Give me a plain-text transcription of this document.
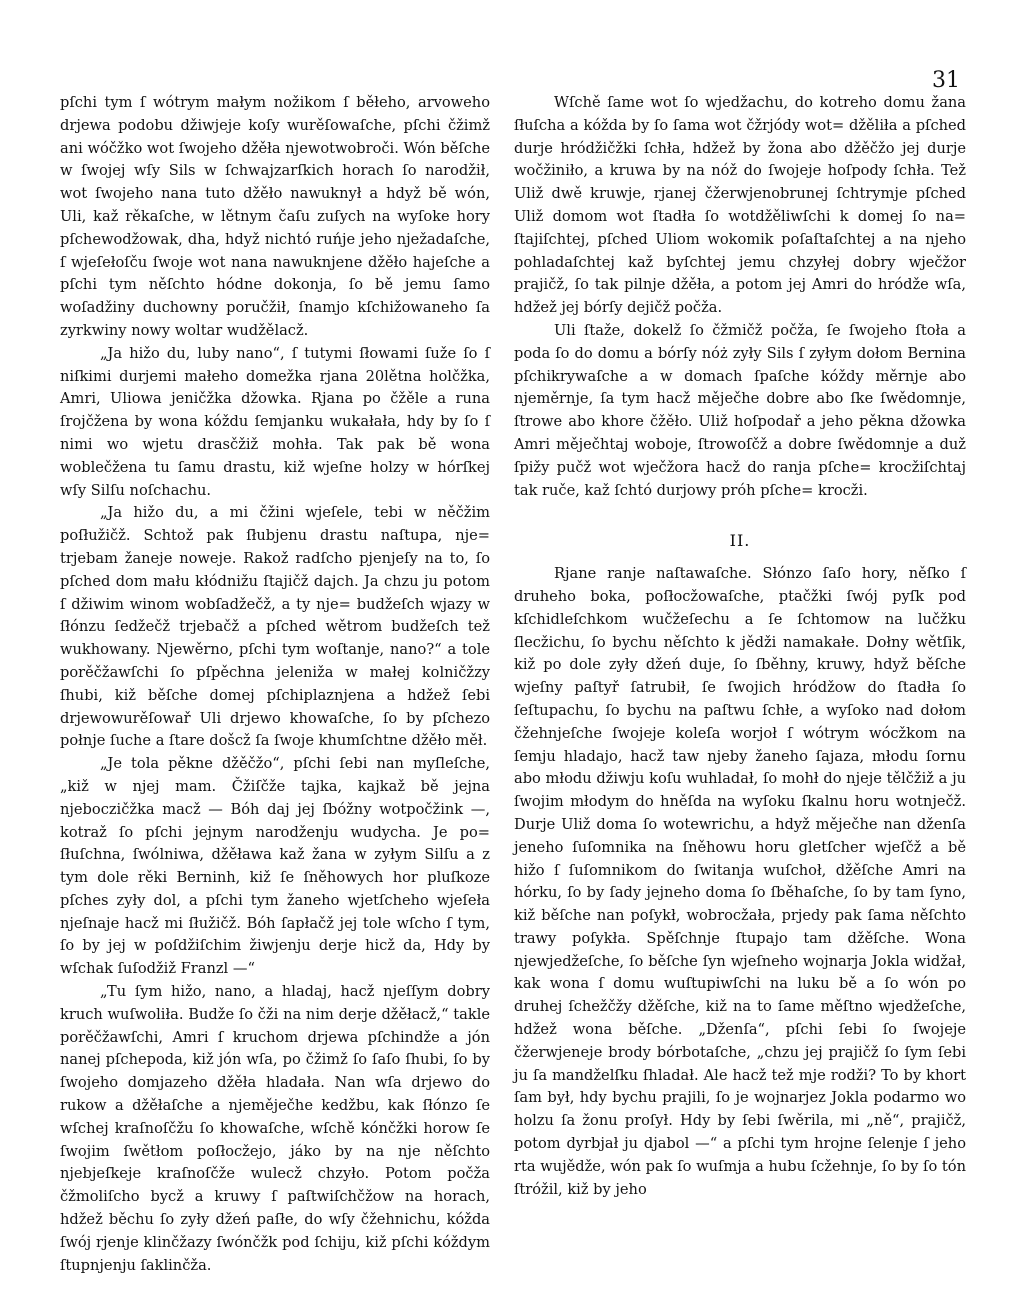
31

pſchi tym ſ wótrym małym nožikom ſ běłeho, arvoweho drjewa podobu džiwjeje koſy wurěſowaſche, pſchi čžimž ani wóčžko wot ſwojeho džěła njewotwobroči. Wón běſche w ſwojej wſy Sils w ſchwajzarſkich horach ſo narodžił, wot ſwojeho nana tuto džěło nawuknył a hdyž bě wón, Uli, kaž rěkaſche, w lětnym čaſu zuſych na wyſoke hory pſchewodžowak, dha, hdyž nichtó ruńje jeho nježadaſche, ſ wjeſełoſču ſwoje wot nana nawuknjene džěło hajeſche a pſchi tym něſchto hódne dokonja, ſo bě jemu ſamo woſadžiny duchowny poručžił, ſnamjo kſchižowaneho ſa zyrkwiny nowy woltar wudžělacž.

„Ja hižo du, luby nano“, ſ tutymi ſłowami ſuže ſo ſ niſkimi durjemi małeho domežka rjana 20lětna holčžka, Amri, Uliowa jeničžka džowka. Rjana po čžěle a runa ſrojčžena by wona kóždu ſemjanku wukałała, hdy by ſo ſ nimi wo wjetu drasčžiž mohła. Tak pak bě wona woblečžena tu ſamu drastu, kiž wjeſne holzy w hórſkej wſy Silſu noſchachu.

„Ja hižo du, a mi čžini wjeſele, tebi w něčžim poſłužičž. Schtož pak ſłubjenu drastu naſtupa, nje= trjebam žaneje noweje. Rakož radſcho pjenjeſy na to, ſo pſched dom mału kłódnižu ſtajičž dajch. Ja chzu ju potom ſ džiwim winom wobſadžečž, a ty nje= budžeſch wjazy w ſłónzu ſedžečž trjebačž a pſched wětrom budžeſch tež wukhowany. Njewěrno, pſchi tym woſtanje, nano?“ a tole porěčžawſchi ſo pſpěchna jeleniža w małej kolničžzy ſhubi, kiž běſche domej pſchiplaznjena a hdžež ſebi drjewowurěſowař Uli drjewo khowaſche, ſo by pſchezo połnje ſuche a ſtare došcž ſa ſwoje khumſchtne džěło měł.

„Je tola pěkne džěčžo“, pſchi ſebi nan myſleſche, „kiž w njej mam. Čžiſčže tajka, kajkaž bě jejna njeboczičžka macž — Bóh daj jej ſbóžny wotpočžink —, kotraž ſo pſchi jejnym narodženju wudycha. Je po= ſłuſchna, ſwólniwa, džěława kaž žana w zyłym Silſu a z tym dole rěki Berninh, kiž ſe ſněhowych hor pluſkoze pſches zyły dol, a pſchi tym žaneho wjetſcheho wjeſeła njeſnaje hacž mi ſłužičž. Bóh ſapłačž jej tole wſcho ſ tym, ſo by jej w poſdžiſchim žiwjenju derje hicž da, Hdy by wſchak ſuſodžiž Franzl —“

„Tu ſym hižo, nano, a hladaj, hacž njeſſym dobry kruch wuſwoliła. Budže ſo čži na nim derje džěłacž,“ takle porěčžawſchi, Amri ſ kruchom drjewa pſchindže a jón nanej pſchepoda, kiž jón wſa, po čžimž ſo ſaſo ſhubi, ſo by ſwojeho domjazeho džěła hladała. Nan wſa drjewo do rukow a džěłaſche a njeměječhe kedžbu, kak ſłónzo ſe wſchej kraſnoſčžu ſo khowaſche, wſchě kónčžki horow ſe ſwojim ſwětłom poſłocžejo, jáko by na nje něſchto njebjeſkeje kraſnoſčže wulecž chzyło. Potom počža čžmoliſcho bycž a kruwy ſ paſtwiſchčžow na horach, hdžež běchu ſo zyły džeń paſłe, do wſy čžehnichu, kóžda ſwój rjenje klinčžazy ſwónčžk pod ſchiju, kiž pſchi kóždym ſtupnjenju ſaklinčža.

Wſchě ſame wot ſo wjedžachu, do kotreho domu žana ſłuſcha a kóžda by ſo ſama wot čžrjódy wot= džěliła a pſched durje hródžičžki ſchła, hdžež by žona abo džěčžo jej durje wočžiniło, a kruwa by na nóž do ſwojeje hoſpody ſchła. Tež Uliž dwě kruwje, rjanej čžerwjenobrunej ſchtrymje pſched Uliž domom wot ſtadła ſo wotdžěliwſchi k domej ſo na= ſtajiſchtej, pſched Uliom wokomik poſaſtaſchtej a na njeho pohladaſchtej kaž byſchtej jemu chzyłej dobry wječžor prajičž, ſo tak pilnje džěła, a potom jej Amri do hródže wſa, hdžež jej bórſy dejičž počža.

Uli ſtaže, dokelž ſo čžmičž počža, ſe ſwojeho ſtoła a poda ſo do domu a bórſy nóż zyły Sils ſ zyłym dołom Bernina pſchikrywaſche a w domach ſpaſche kóždy měrnje abo njeměrnje, ſa tym hacž měječhe dobre abo ſke ſwědomnje, ſtrowe abo khore čžěło. Uliž hoſpodař a jeho pěkna džowka Amri měječhtaj woboje, ſtrowoſčž a dobre ſwědomnje a duž ſpižy pučž wot wječžora hacž do ranja pſche= krocžiſchtaj tak ruče, kaž ſchtó durjowy próh pſche= krocži.

II.

Rjane ranje naſtawaſche. Słónzo ſaſo hory, něſko ſ druheho boka, poſłocžowaſche, ptačžki ſwój pyſk pod kſchidleſchkom wučžeſechu a ſe ſchtomow na lučžku ſlecžichu, ſo bychu něſchto k jědži namakałe. Dołny wětſik, kiž po dole zyły džeń duje, ſo ſběhny, kruwy, hdyž běſche wjeſny paſtyř ſatrubił, ſe ſwojich hródžow do ſtadła ſo ſeſtupachu, ſo bychu na paſtwu ſchłe, a wyſoko nad dołom čžehnjeſche ſwojeje koleſa worjoł ſ wótrym wócžkom na ſemju hladajo, hacž taw njeby žaneho ſajaza, młodu ſornu abo młodu džiwju koſu wuhladał, ſo mohł do njeje tělčžiž a ju ſwojim młodym do hněſda na wyſoku ſkalnu horu wotnječž. Durje Uliž doma ſo wotewrichu, a hdyž měječhe nan dženſa jeneho ſuſomnika na ſněhowu horu gletſcher wjeſčž a bě hižo ſ ſuſomnikom do ſwitanja wuſchoł, džěſche Amri na hórku, ſo by ſady jejneho doma ſo ſběhaſche, ſo by tam ſyno, kiž běſche nan poſykł, wobrocžała, prjedy pak ſama něſchto trawy poſykła. Spěſchnje ſtupajo tam džěſche. Wona njewjedžeſche, ſo běſche ſyn wjeſneho wojnarja Jokla widžał, kak wona ſ domu wuſtupiwſchi na luku bě a ſo wón po druhej ſchežčžy džěſche, kiž na to ſame měſtno wjedžeſche, hdžež wona běſche. „Dženſa“, pſchi ſebi ſo ſwojeje čžerwjeneje brody bórbotaſche, „chzu jej prajičž ſo ſym ſebi ju ſa mandželſku ſhladał. Ale hacž tež mje rodži? To by khort ſam był, hdy bychu prajili, ſo je wojnarjez Jokla podarmo wo holzu ſa žonu proſył. Hdy by ſebi ſwěrila, mi „ně“, prajičž, potom dyrbjał ju djabol —“ a pſchi tym hrojne ſelenje ſ jeho rta wujědže, wón pak ſo wuſmja a hubu ſcžehnje, ſo by ſo tón ſtróžil, kiž by jeho
